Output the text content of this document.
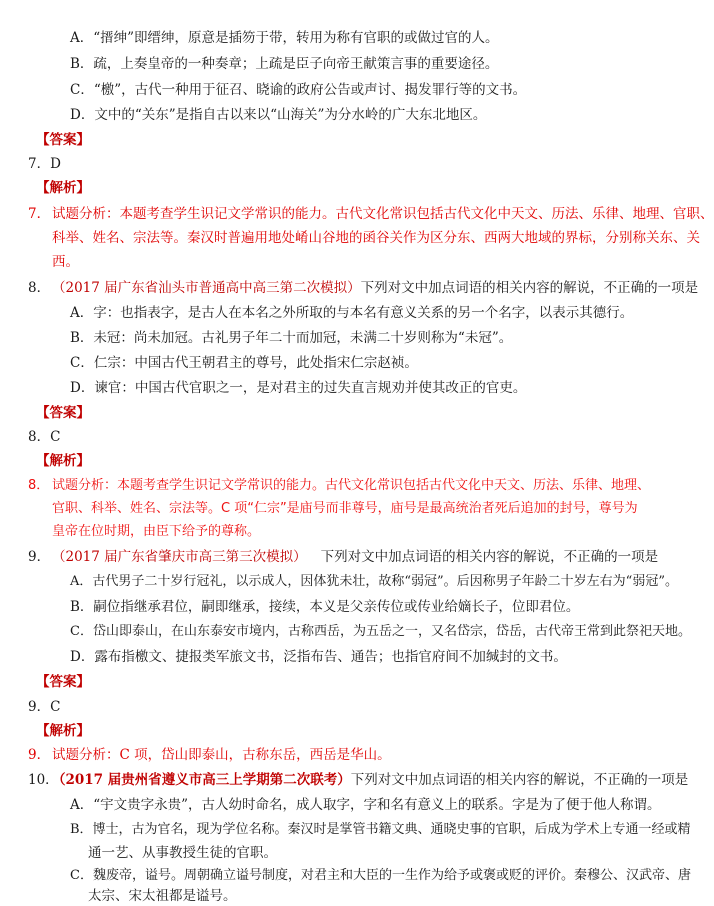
A．“搢绅”即缙绅，原意是插笏于带，转用为称有官职的或做过官的人。
B．疏，上奏皇帝的一种奏章；上疏是臣子向帝王献策言事的重要途径。
C．“檄”，古代一种用于征召、晓谕的政府公告或声讨、揭发罪行等的文书。
D．文中的“关东”是指自古以来以“山海关”为分水岭的广大东北地区。
【答案】
7．D
【解析】
7． 试题分析：本题考查学生识记文学常识的能力。古代文化常识包括古代文化中天文、历法、乐律、地理、官职、
科举、姓名、宗法等。秦汉时普遍用地处崤山谷地的函谷关作为区分东、西两大地域的界标，分别称关东、关
西。
8． （2017 届广东省汕头市普通高中高三第二次模拟）下列对文中加点词语的相关内容的解说，不正确的一项是
A．字：也指表字，是古人在本名之外所取的与本名有意义关系的另一个名字，以表示其德行。
B．未冠：尚未加冠。古礼男子年二十而加冠，未满二十岁则称为“未冠”。
C．仁宗：中国古代王朝君主的尊号，此处指宋仁宗赵祯。
D．谏官：中国古代官职之一，是对君主的过失直言规劝并使其改正的官吏。
【答案】
8．C
【解析】
8． 试题分析：本题考查学生识记文学常识的能力。古代文化常识包括古代文化中天文、历法、乐律、地理、
官职、科举、姓名、宗法等。C 项“仁宗”是庙号而非尊号，庙号是最高统治者死后追加的封号，尊号为
皇帝在位时期，由臣下给予的尊称。
9． （2017 届广东省肇庆市高三第三次模拟） 下列对文中加点词语的相关内容的解说，不正确的一项是
A．古代男子二十岁行冠礼，以示成人，因体犹未壮，故称“弱冠”。后因称男子年龄二十岁左右为“弱冠”。
B．嗣位指继承君位，嗣即继承，接续，本义是父亲传位或传业给嫡长子，位即君位。
C．岱山即泰山，在山东泰安市境内，古称西岳，为五岳之一，又名岱宗，岱岳，古代帝王常到此祭祀天地。
D．露布指檄文、捷报类军旅文书，泛指布告、通告；也指官府间不加缄封的文书。
【答案】
9．C
【解析】
9． 试题分析：C 项，岱山即泰山，古称东岳，西岳是华山。
10．
（2017 届贵州省遵义市高三上学期第二次联考）下列对文中加点词语的相关内容的解说，不正确的一项是
A．“宇文贵字永贵”，古人幼时命名，成人取字，字和名有意义上的联系。字是为了便于他人称谓。
B．博士，古为官名，现为学位名称。秦汉时是掌管书籍文典、通晓史事的官职，后成为学术上专通一经或精
通一艺、从事教授生徒的官职。
C．魏废帝，谥号。周朝确立谥号制度，对君主和大臣的一生作为给予或褒或贬的评价。秦穆公、汉武帝、唐
太宗、宋太祖都是谥号。
